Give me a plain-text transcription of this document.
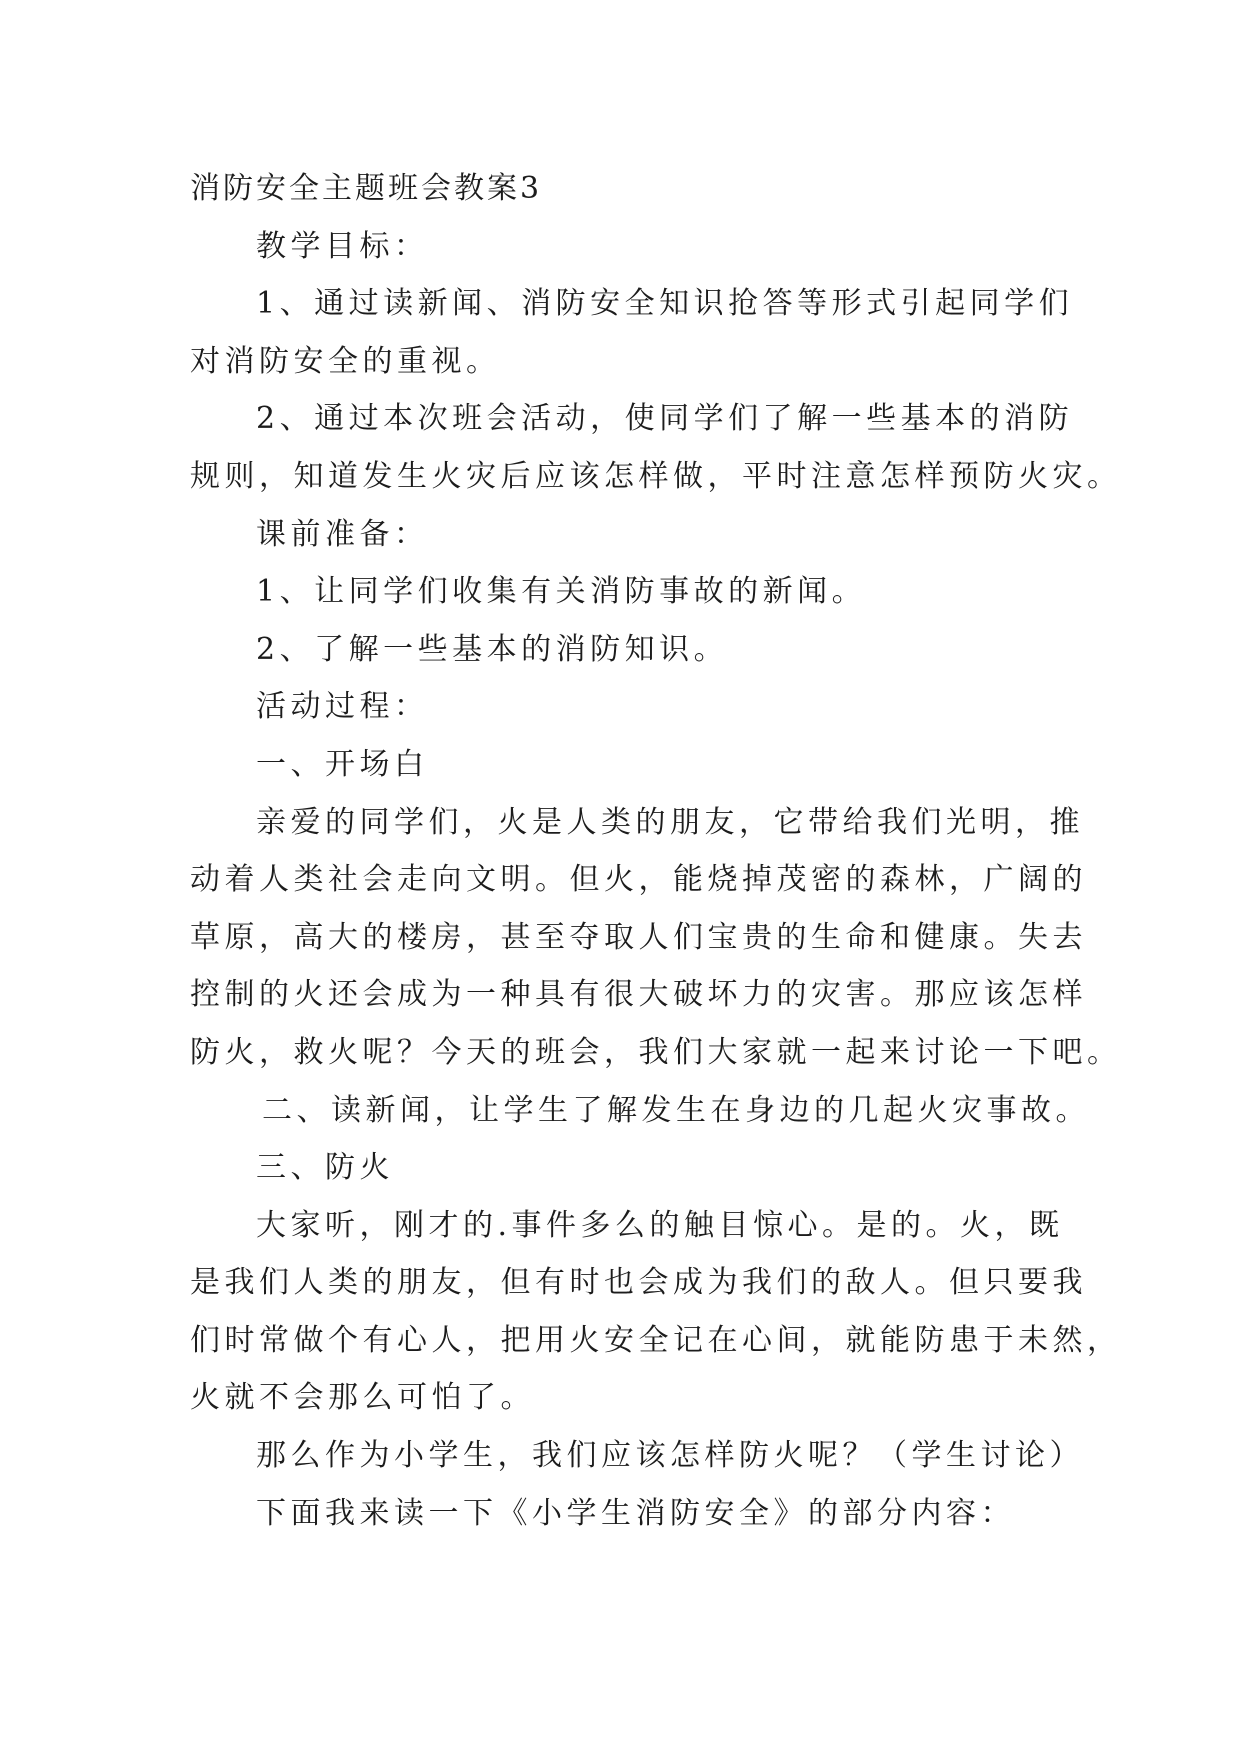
消防安全主题班会教案3
教学目标：
1、通过读新闻、消防安全知识抢答等形式引起同学们
对消防安全的重视。
2、通过本次班会活动，使同学们了解一些基本的消防
规则，知道发生火灾后应该怎样做，平时注意怎样预防火灾。
课前准备：
1、让同学们收集有关消防事故的新闻。
2、了解一些基本的消防知识。
活动过程：
一、开场白
亲爱的同学们，火是人类的朋友，它带给我们光明，推
动着人类社会走向文明。但火，能烧掉茂密的森林，广阔的
草原，高大的楼房，甚至夺取人们宝贵的生命和健康。失去
控制的火还会成为一种具有很大破坏力的灾害。那应该怎样
防火，救火呢？今天的班会，我们大家就一起来讨论一下吧。
二、读新闻，让学生了解发生在身边的几起火灾事故。
三、防火
大家听，刚才的.事件多么的触目惊心。是的。火，既
是我们人类的朋友，但有时也会成为我们的敌人。但只要我
们时常做个有心人，把用火安全记在心间，就能防患于未然，
火就不会那么可怕了。
那么作为小学生，我们应该怎样防火呢？（学生讨论）
下面我来读一下《小学生消防安全》的部分内容：
